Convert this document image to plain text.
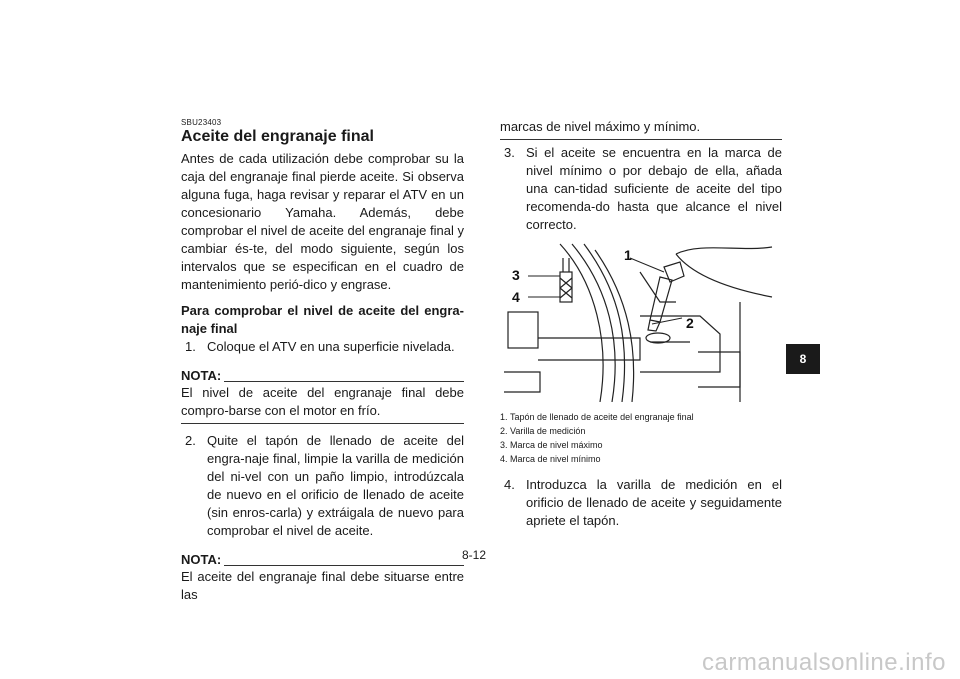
SBU23403

Aceite del engranaje final

Antes de cada utilización debe comprobar su la caja del engranaje final pierde aceite. Si observa alguna fuga, haga revisar y reparar el ATV en un concesionario Yamaha. Además, debe comprobar el nivel de aceite del engranaje final y cambiar és-te, del modo siguiente, según los intervalos que se especifican en el cuadro de mantenimiento perió-dico y engrase.

Para comprobar el nivel de aceite del engra-naje final

1. Coloque el ATV en una superficie nivelada.
NOTA:

El nivel de aceite del engranaje final debe compro-barse con el motor en frío.

2. Quite el tapón de llenado de aceite del engra-naje final, limpie la varilla de medición del ni-vel con un paño limpio, introdúzcala de nuevo en el orificio de llenado de aceite (sin enros-carla) y extráigala de nuevo para comprobar el nivel de aceite.
NOTA:

El aceite del engranaje final debe situarse entre las

marcas de nivel máximo y mínimo.

3. Si el aceite se encuentra en la marca de nivel mínimo o por debajo de ella, añada una can-tidad suficiente de aceite del tipo recomenda-do hasta que alcance el nivel correcto.
1
2
3
4
1. Tapón de llenado de aceite del engranaje final
2. Varilla de medición
3. Marca de nivel máximo
4. Marca de nivel mínimo
4. Introduzca la varilla de medición en el orificio de llenado de aceite y seguidamente apriete el tapón.
8
8-12
carmanualsonline.info
